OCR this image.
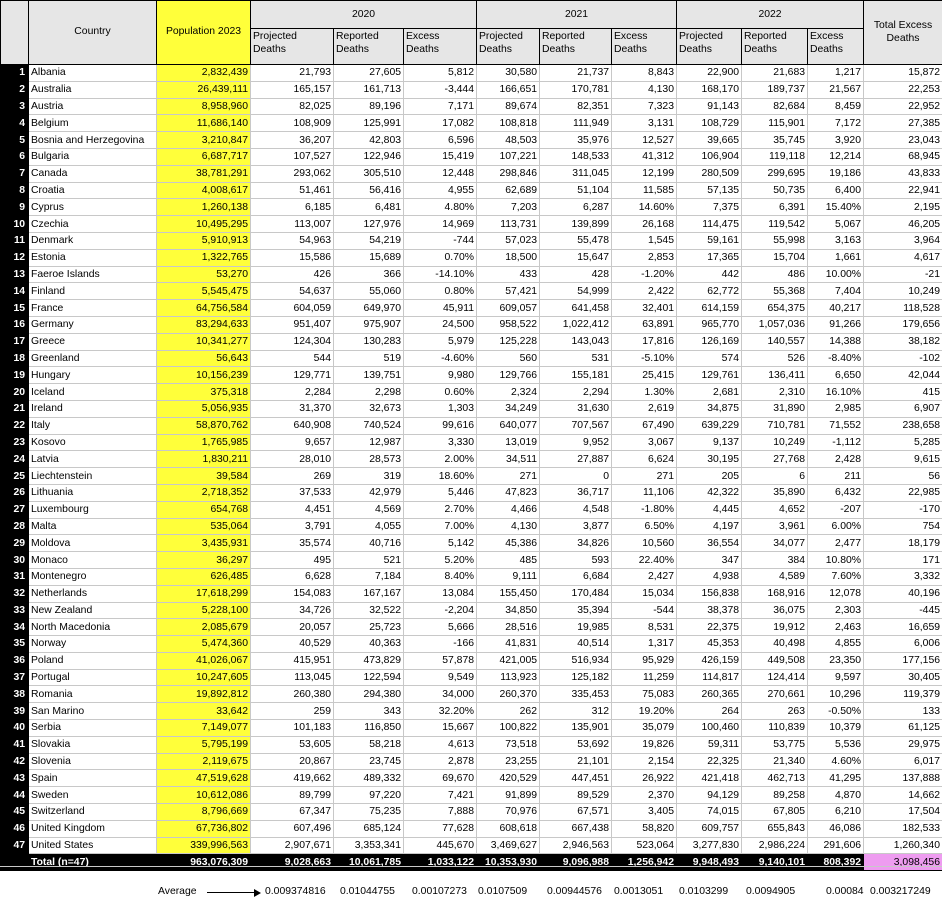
	Country	Population 2023	2020			2021			2022			Total Excess Deaths
			Projected Deaths	Reported Deaths	Excess Deaths	Projected Deaths	Reported Deaths	Excess Deaths	Projected Deaths	Reported Deaths	Excess Deaths	
1	Albania	2,832,439	21,793	27,605	5,812	30,580	21,737	8,843	22,900	21,683	1,217	15,872
2	Australia	26,439,111	165,157	161,713	-3,444	166,651	170,781	4,130	168,170	189,737	21,567	22,253
3	Austria	8,958,960	82,025	89,196	7,171	89,674	82,351	7,323	91,143	82,684	8,459	22,952
4	Belgium	11,686,140	108,909	125,991	17,082	108,818	111,949	3,131	108,729	115,901	7,172	27,385
5	Bosnia and Herzegovina	3,210,847	36,207	42,803	6,596	48,503	35,976	12,527	39,665	35,745	3,920	23,043
6	Bulgaria	6,687,717	107,527	122,946	15,419	107,221	148,533	41,312	106,904	119,118	12,214	68,945
7	Canada	38,781,291	293,062	305,510	12,448	298,846	311,045	12,199	280,509	299,695	19,186	43,833
8	Croatia	4,008,617	51,461	56,416	4,955	62,689	51,104	11,585	57,135	50,735	6,400	22,941
9	Cyprus	1,260,138	6,185	6,481	4.80%	7,203	6,287	14.60%	7,375	6,391	15.40%	2,195
10	Czechia	10,495,295	113,007	127,976	14,969	113,731	139,899	26,168	114,475	119,542	5,067	46,205
11	Denmark	5,910,913	54,963	54,219	-744	57,023	55,478	1,545	59,161	55,998	3,163	3,964
12	Estonia	1,322,765	15,586	15,689	0.70%	18,500	15,647	2,853	17,365	15,704	1,661	4,617
13	Faeroe Islands	53,270	426	366	-14.10%	433	428	-1.20%	442	486	10.00%	-21
14	Finland	5,545,475	54,637	55,060	0.80%	57,421	54,999	2,422	62,772	55,368	7,404	10,249
15	France	64,756,584	604,059	649,970	45,911	609,057	641,458	32,401	614,159	654,375	40,217	118,528
16	Germany	83,294,633	951,407	975,907	24,500	958,522	1,022,412	63,891	965,770	1,057,036	91,266	179,656
17	Greece	10,341,277	124,304	130,283	5,979	125,228	143,043	17,816	126,169	140,557	14,388	38,182
18	Greenland	56,643	544	519	-4.60%	560	531	-5.10%	574	526	-8.40%	-102
19	Hungary	10,156,239	129,771	139,751	9,980	129,766	155,181	25,415	129,761	136,411	6,650	42,044
20	Iceland	375,318	2,284	2,298	0.60%	2,324	2,294	1.30%	2,681	2,310	16.10%	415
21	Ireland	5,056,935	31,370	32,673	1,303	34,249	31,630	2,619	34,875	31,890	2,985	6,907
22	Italy	58,870,762	640,908	740,524	99,616	640,077	707,567	67,490	639,229	710,781	71,552	238,658
23	Kosovo	1,765,985	9,657	12,987	3,330	13,019	9,952	3,067	9,137	10,249	-1,112	5,285
24	Latvia	1,830,211	28,010	28,573	2.00%	34,511	27,887	6,624	30,195	27,768	2,428	9,615
25	Liechtenstein	39,584	269	319	18.60%	271	0	271	205	6	211	56
26	Lithuania	2,718,352	37,533	42,979	5,446	47,823	36,717	11,106	42,322	35,890	6,432	22,985
27	Luxembourg	654,768	4,451	4,569	2.70%	4,466	4,548	-1.80%	4,445	4,652	-207	-170
28	Malta	535,064	3,791	4,055	7.00%	4,130	3,877	6.50%	4,197	3,961	6.00%	754
29	Moldova	3,435,931	35,574	40,716	5,142	45,386	34,826	10,560	36,554	34,077	2,477	18,179
30	Monaco	36,297	495	521	5.20%	485	593	22.40%	347	384	10.80%	171
31	Montenegro	626,485	6,628	7,184	8.40%	9,111	6,684	2,427	4,938	4,589	7.60%	3,332
32	Netherlands	17,618,299	154,083	167,167	13,084	155,450	170,484	15,034	156,838	168,916	12,078	40,196
33	New Zealand	5,228,100	34,726	32,522	-2,204	34,850	35,394	-544	38,378	36,075	2,303	-445
34	North Macedonia	2,085,679	20,057	25,723	5,666	28,516	19,985	8,531	22,375	19,912	2,463	16,659
35	Norway	5,474,360	40,529	40,363	-166	41,831	40,514	1,317	45,353	40,498	4,855	6,006
36	Poland	41,026,067	415,951	473,829	57,878	421,005	516,934	95,929	426,159	449,508	23,350	177,156
37	Portugal	10,247,605	113,045	122,594	9,549	113,923	125,182	11,259	114,817	124,414	9,597	30,405
38	Romania	19,892,812	260,380	294,380	34,000	260,370	335,453	75,083	260,365	270,661	10,296	119,379
39	San Marino	33,642	259	343	32.20%	262	312	19.20%	264	263	-0.50%	133
40	Serbia	7,149,077	101,183	116,850	15,667	100,822	135,901	35,079	100,460	110,839	10,379	61,125
41	Slovakia	5,795,199	53,605	58,218	4,613	73,518	53,692	19,826	59,311	53,775	5,536	29,975
42	Slovenia	2,119,675	20,867	23,745	2,878	23,255	21,101	2,154	22,325	21,340	4.60%	6,017
43	Spain	47,519,628	419,662	489,332	69,670	420,529	447,451	26,922	421,418	462,713	41,295	137,888
44	Sweden	10,612,086	89,799	97,220	7,421	91,899	89,529	2,370	94,129	89,258	4,870	14,662
45	Switzerland	8,796,669	67,347	75,235	7,888	70,976	67,571	3,405	74,015	67,805	6,210	17,504
46	United Kingdom	67,736,802	607,496	685,124	77,628	608,618	667,438	58,820	609,757	655,843	46,086	182,533
47	United States	339,996,563	2,907,671	3,353,341	445,670	3,469,627	2,946,563	523,064	3,277,830	2,986,224	291,606	1,260,340
	Total (n=47)	963,076,309	9,028,663	10,061,785	1,033,122	10,353,930	9,096,988	1,256,942	9,948,493	9,140,101	808,392	3,098,456
Average	0.009374816 0.01044755 0.00107273 0.0107509 0.00944576 0.0013051 0.0103299 0.0094905	0.00084 0.003217249
